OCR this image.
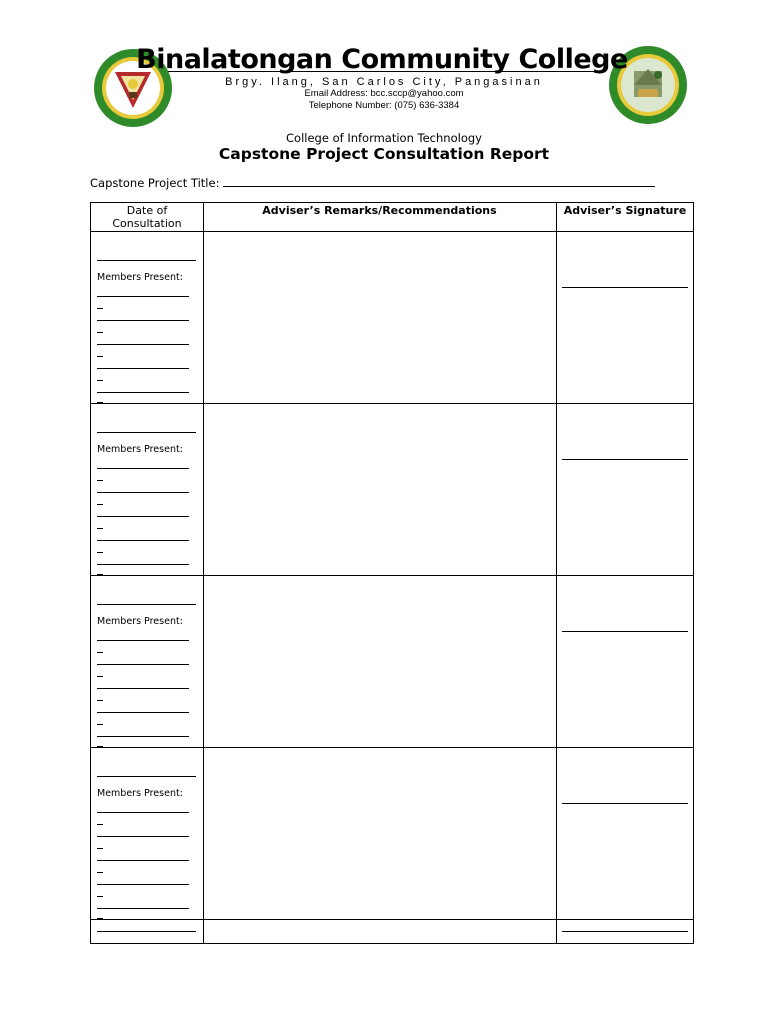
Binalatongan Community College
Brgy. Ilang, San Carlos City, Pangasinan
Email Address: bcc.sccp@yahoo.com
Telephone Number: (075) 636-3384
College of Information Technology
Capstone Project Consultation Report
Capstone Project Title:
Date of
Consultation
Adviser’s Remarks/Recommendations	Adviser’s Signature
Members Present:
Members Present:
Members Present:
Members Present:
